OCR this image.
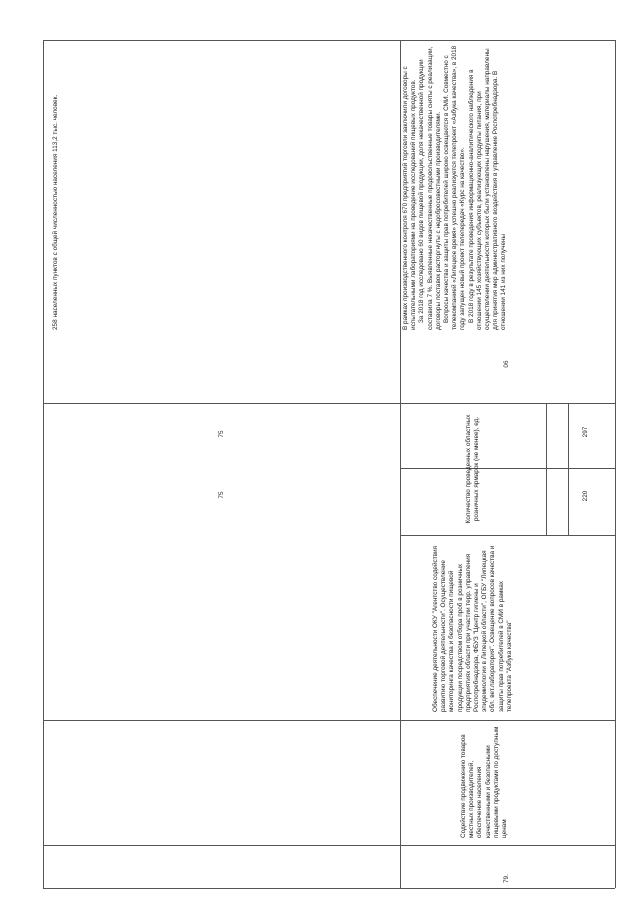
258 населенных пунктов с общей численностью населения 113,2 тыс. человек.
79.
Содействие продвижению товаров местных производителей, обеспечение населения качественными и безопасными пищевыми продуктами по доступным ценам
Обеспечение деятельности ОКУ "Агентство содействия развитию торговой деятельности". Осуществление мониторинга качества и безопасности пищевой продукции посредством отбора проб в розничных предприятиях области при участии терр. управления Роспотребнадзора, ФБУЗ "Центр гигиены и эпидемиологии в Липецкой области", ОГБУ "Липецкая обл. вет.лаборатория". Освещение вопросов качества и защиты прав потребителей в СМИ в рамках телепроекта "Азбука качества"
75
75	Количество проведенных областных розничных ярмарок (не менее), ед.	220
297
06

В рамках производственного контроля 670 предприятий торговли заключили договоры с испытательными лабораториями на проведение исследований пищевых продуктов. За 2018 год исследовано 60 видов пищевой продукции, доля некачественной продукции составила 7 %. Выявленные некачественные продовольственные товары сняты с реализации, договоры поставок расторгнуты с недобросовестными производителями. Вопросы качества и защиты прав потребителей широко освещаются в СМИ. Совместно с телекомпанией «Липецкое время» успешно реализуется телепроект «Азбука качества», в 2018 году запущен новый проект телепередач «Курс на качество». В 2018 году в результате проведения информационно-аналитического наблюдения в отношении 145 хозяйствующих субъектов, реализующих продукты питания, при осуществлении деятельности которых были установлены нарушения, материалы направлены для принятия мер административного воздействия в управление Роспотребнадзора. В отношении 141 из них получены
